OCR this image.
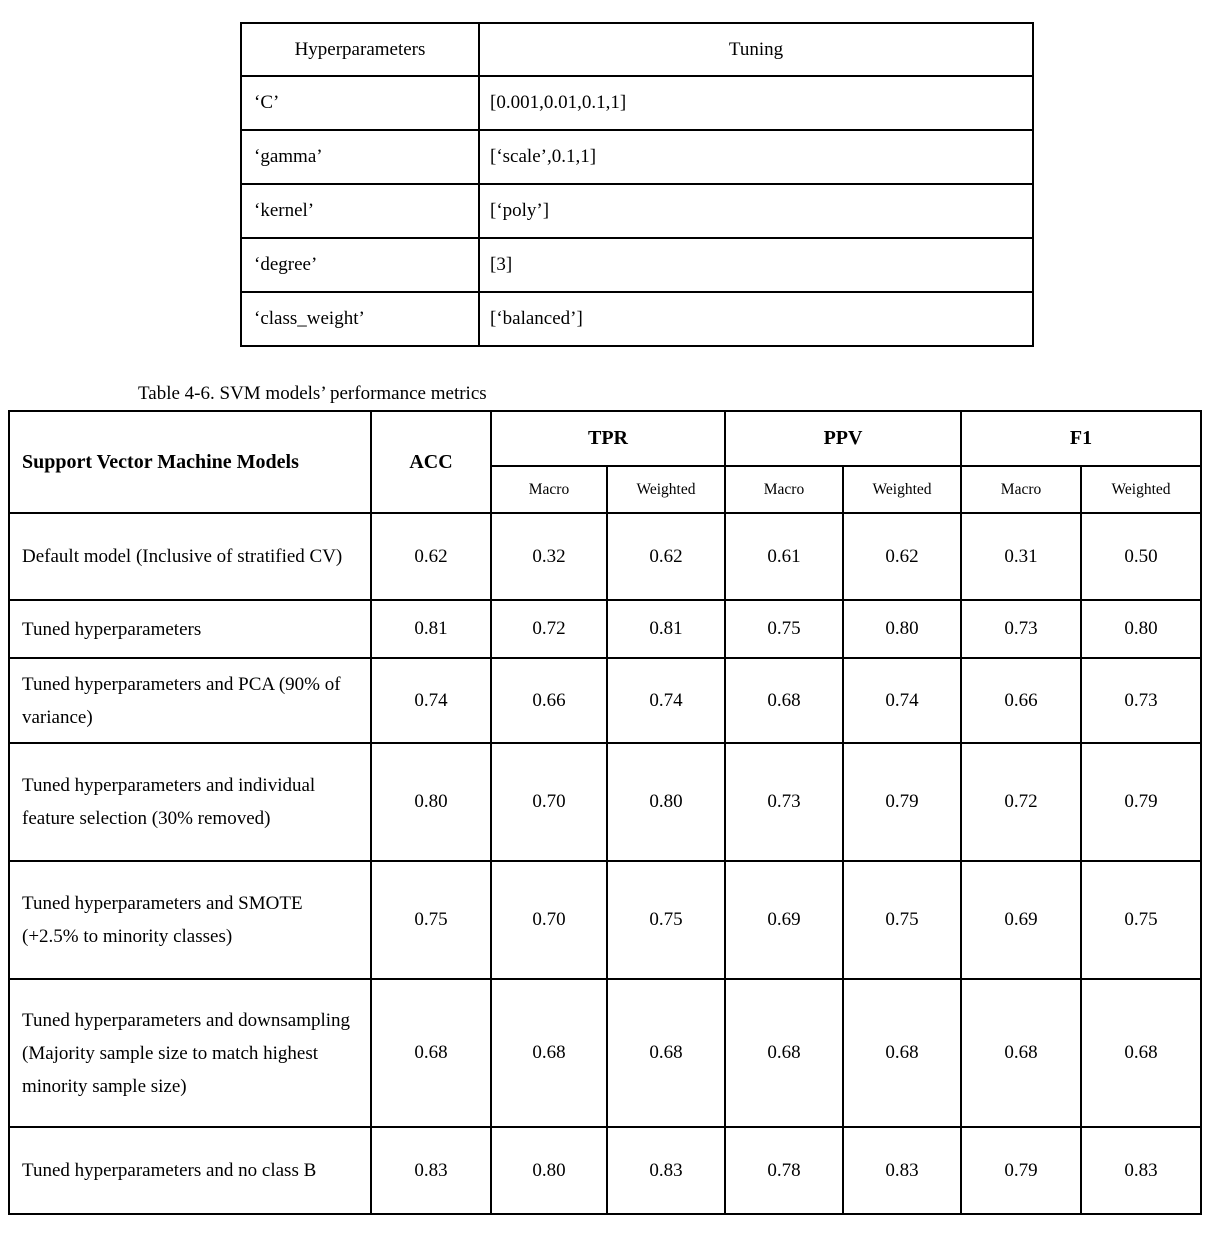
Hyperparameters	Tuning
‘C’	[0.001,0.01,0.1,1]
‘gamma’	[‘scale’,0.1,1]
‘kernel’	[‘poly’]
‘degree’	[3]
‘class_weight’	[‘balanced’]
Table 4-6. SVM models’ performance metrics
Support Vector Machine Models	ACC	TPR		PPV		F1	
		Macro	Weighted	Macro	Weighted	Macro	Weighted
Default model (Inclusive of stratified CV)	0.62	0.32	0.62	0.61	0.62	0.31	0.50
Tuned hyperparameters	0.81	0.72	0.81	0.75	0.80	0.73	0.80
Tuned hyperparameters and PCA (90% of variance)	0.74	0.66	0.74	0.68	0.74	0.66	0.73
Tuned hyperparameters and individual feature selection (30% removed)	0.80	0.70	0.80	0.73	0.79	0.72	0.79
Tuned hyperparameters and SMOTE (+2.5% to minority classes)	0.75	0.70	0.75	0.69	0.75	0.69	0.75
Tuned hyperparameters and downsampling (Majority sample size to match highest minority sample size)	0.68	0.68	0.68	0.68	0.68	0.68	0.68
Tuned hyperparameters and no class B	0.83	0.80	0.83	0.78	0.83	0.79	0.83
